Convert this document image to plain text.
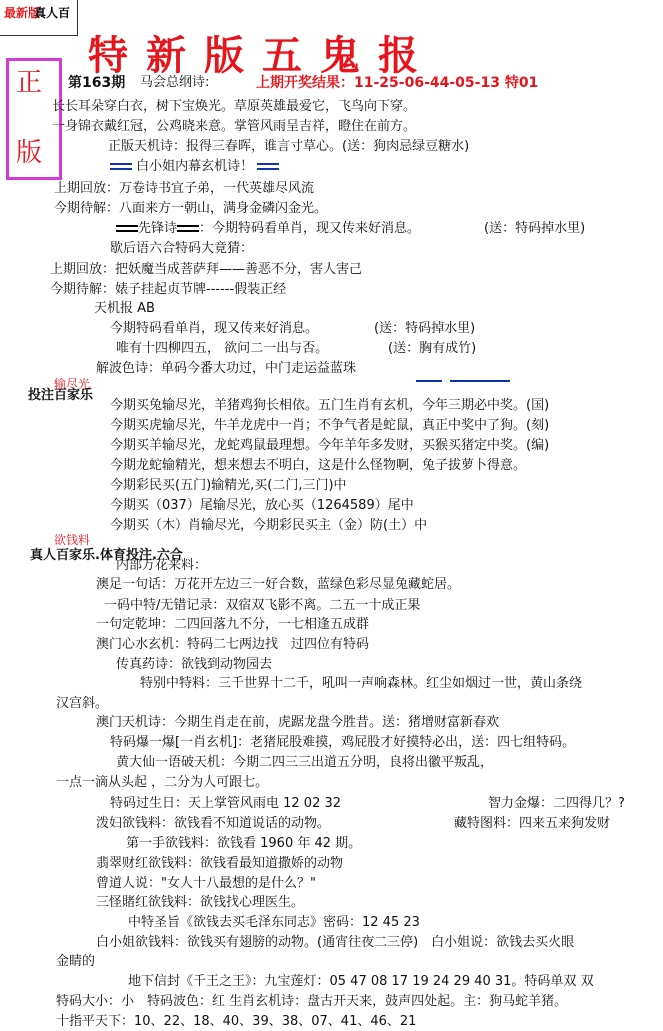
最新版
真人百
特新版五鬼报
正
版
第163期 马会总纲诗:	上期开奖结果：11-25-06-44-05-13 特01
长长耳朵穿白衣，树下宝焕光。草原英雄最爱它，飞鸟向下穿。
一身锦衣戴红冠，公鸡晓来意。掌管风雨呈吉祥，瞪住在前方。
正版天机诗：报得三春晖，谁言寸草心。(送：狗肉忌绿豆糖水)
白小姐内幕玄机诗！
上期回放：万卷诗书宜子弟，一代英雄尽风流
今期待解：八面来方一朝山，满身金磷闪金光。
先锋诗 ：今期特码看单肖，现又传来好消息。	(送：特码掉水里)
歇后语六合特码大竟猜：
上期回放：把妖魔当成菩萨拜——善恶不分，害人害己
今期待解：婊子挂起贞节牌------假装正经
天机报 AB
今期特码看单肖，现又传来好消息。	(送：特码掉水里)
唯有十四柳四五， 欲问二一出与否。	(送：胸有成竹)
解波色诗：单码今番大功过，中门走运益蓝珠
输尽光
投注百家乐
今期买兔输尽光，羊猪鸡狗长相依。五门生肖有玄机，今年三期必中奖。(国)
今期买虎输尽光，牛羊龙虎中一肖；不争气者是蛇鼠，真正中奖中了狗。(刻)
今期买羊输尽光，龙蛇鸡鼠最理想。今年羊年多发财，买猴买猪定中奖。(编)
今期龙蛇输精光，想来想去不明白，这是什么怪物啊，兔子拔萝卜得意。
今期彩民买(五门)输精光,买(二门,三门)中
今期买（037）尾输尽光，放心买（1264589）尾中
今期买（木）肖输尽光，今期彩民买主（金）防(土）中
欲钱料
真人百家乐.体育投注.六合
内部万花来料：
澳足一句话：万花开左边三一好合数，蓝绿色彩尽显兔藏蛇居。
一码中特/无错记录：双宿双飞影不离。二五一十成正果
一句定乾坤：二四回落九不分，一七相逢五成群
澳门心水玄机：特码二七两边找　过四位有特码
传真药诗：欲钱到动物园去
特别中特料：三千世界十二千，吼叫一声响森林。红尘如烟过一世，黄山条绕
汉宫斜。
澳门天机诗：今期生肖走在前，虎踞龙盘今胜昔。送：猪增财富新春欢
特码爆一爆[一肖玄机]：老猪屁股难摸，鸡屁股才好摸特必出，送：四七组特码。
黄大仙一语破天机：今期二四三三出道五分明，良将出徽平叛乱，
一点一滴从头起 ，二分为人可跟七。
特码过生日：天上掌管风雨电 12 02 32	智力金爆：二四得几？?
泼妇欲钱料：欲钱看不知道说话的动物。	藏特图料：四来五来狗发财
第一手欲钱料：欲钱看 1960 年 42 期。
翡翠财红欲钱料：欲钱看最知道撒娇的动物
曾道人说："女人十八最想的是什么？"
三怪賭红欲钱料：欲钱找心理医生。
中特圣旨《欲钱去买毛泽东同志》密码：12 45 23
白小姐欲钱料：欲钱买有翅膀的动物。(通宵往夜二三停)　白小姐说：欲钱去买火眼
金睛的
地下信封《千王之王》：九宝莲灯：05 47 08 17 19 24 29 40 31。特码单双 双
特码大小：小　特码波色：红 生肖玄机诗：盘古开天来，鼓声四处起。主：狗马蛇羊猪。
十指平天下：10、22、18、40、39、38、07、41、46、21
